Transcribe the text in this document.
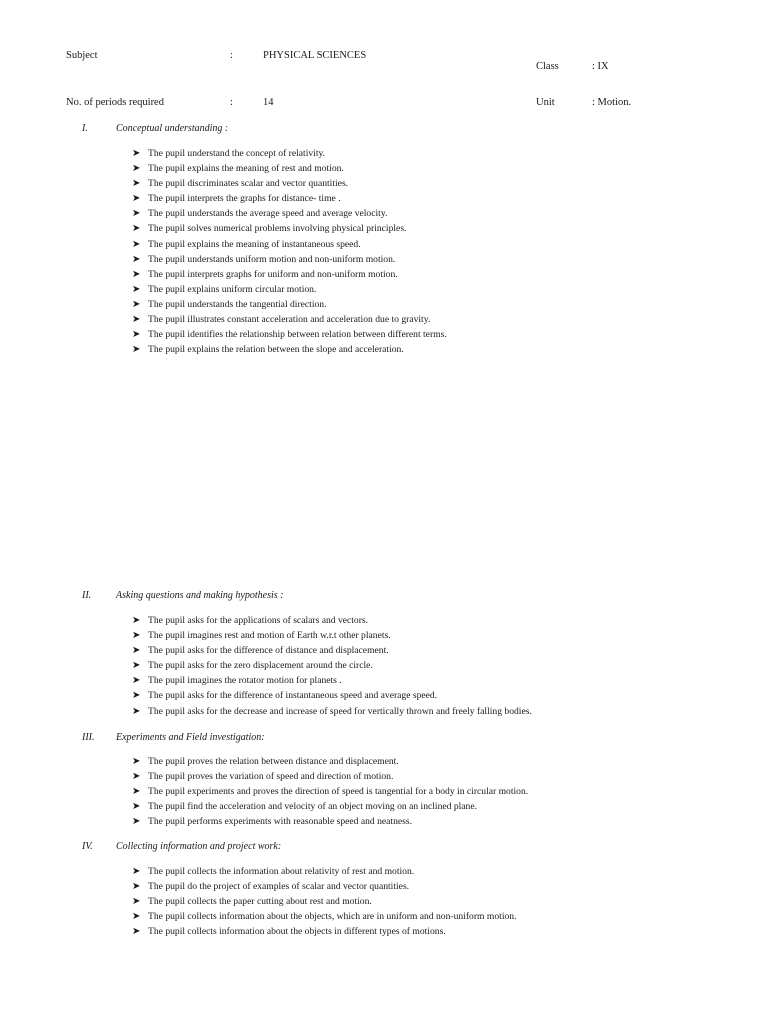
Subject	:	PHYSICAL SCIENCES
Class	: IX
No. of periods required	:	14	Unit	: Motion.
I.	Conceptual understanding :
➤ The pupil understand the concept of relativity.
➤ The pupil explains the meaning of rest and motion.
➤ The pupil discriminates scalar and vector quantities.
➤ The pupil interprets the graphs for distance- time .
➤ The pupil understands the average speed and average velocity.
➤ The pupil solves numerical problems involving physical principles.
➤ The pupil explains the meaning of instantaneous speed.
➤ The pupil understands uniform motion and non-uniform motion.
➤ The pupil interprets graphs for uniform and non-uniform motion.
➤ The pupil explains uniform circular motion.
➤ The pupil understands the tangential direction.
➤ The pupil illustrates constant acceleration and acceleration due to gravity.
➤ The pupil identifies the relationship between relation between different terms.
➤ The pupil explains the relation between the slope and acceleration.
II. Asking questions and making hypothesis :
➤ The pupil asks for the applications of scalars and vectors.
➤ The pupil imagines rest and motion of Earth w.r.t other planets.
➤ The pupil asks for the difference of distance and displacement.
➤ The pupil asks for the zero displacement around the circle.
➤ The pupil imagines the rotator motion for planets .
➤ The pupil asks for the difference of instantaneous speed and average speed.
➤ The pupil asks for the decrease and increase of speed for vertically thrown and freely falling bodies.
III. Experiments and Field investigation:
➤ The pupil proves the relation between distance and displacement.
➤ The pupil proves the variation of speed and direction of motion.
➤ The pupil experiments and proves the direction of speed is tangential for a body in circular motion.
➤ The pupil find the acceleration and velocity of an object moving on an inclined plane.
➤ The pupil performs experiments with reasonable speed and neatness.
IV. Collecting information and project work:
➤ The pupil collects the information about relativity of rest and motion.
➤ The pupil do the project of examples of scalar and vector quantities.
➤ The pupil collects the paper cutting about rest and motion.
➤ The pupil collects information about the objects, which are in uniform and non-uniform motion.
➤ The pupil collects information about the objects in different types of motions.
